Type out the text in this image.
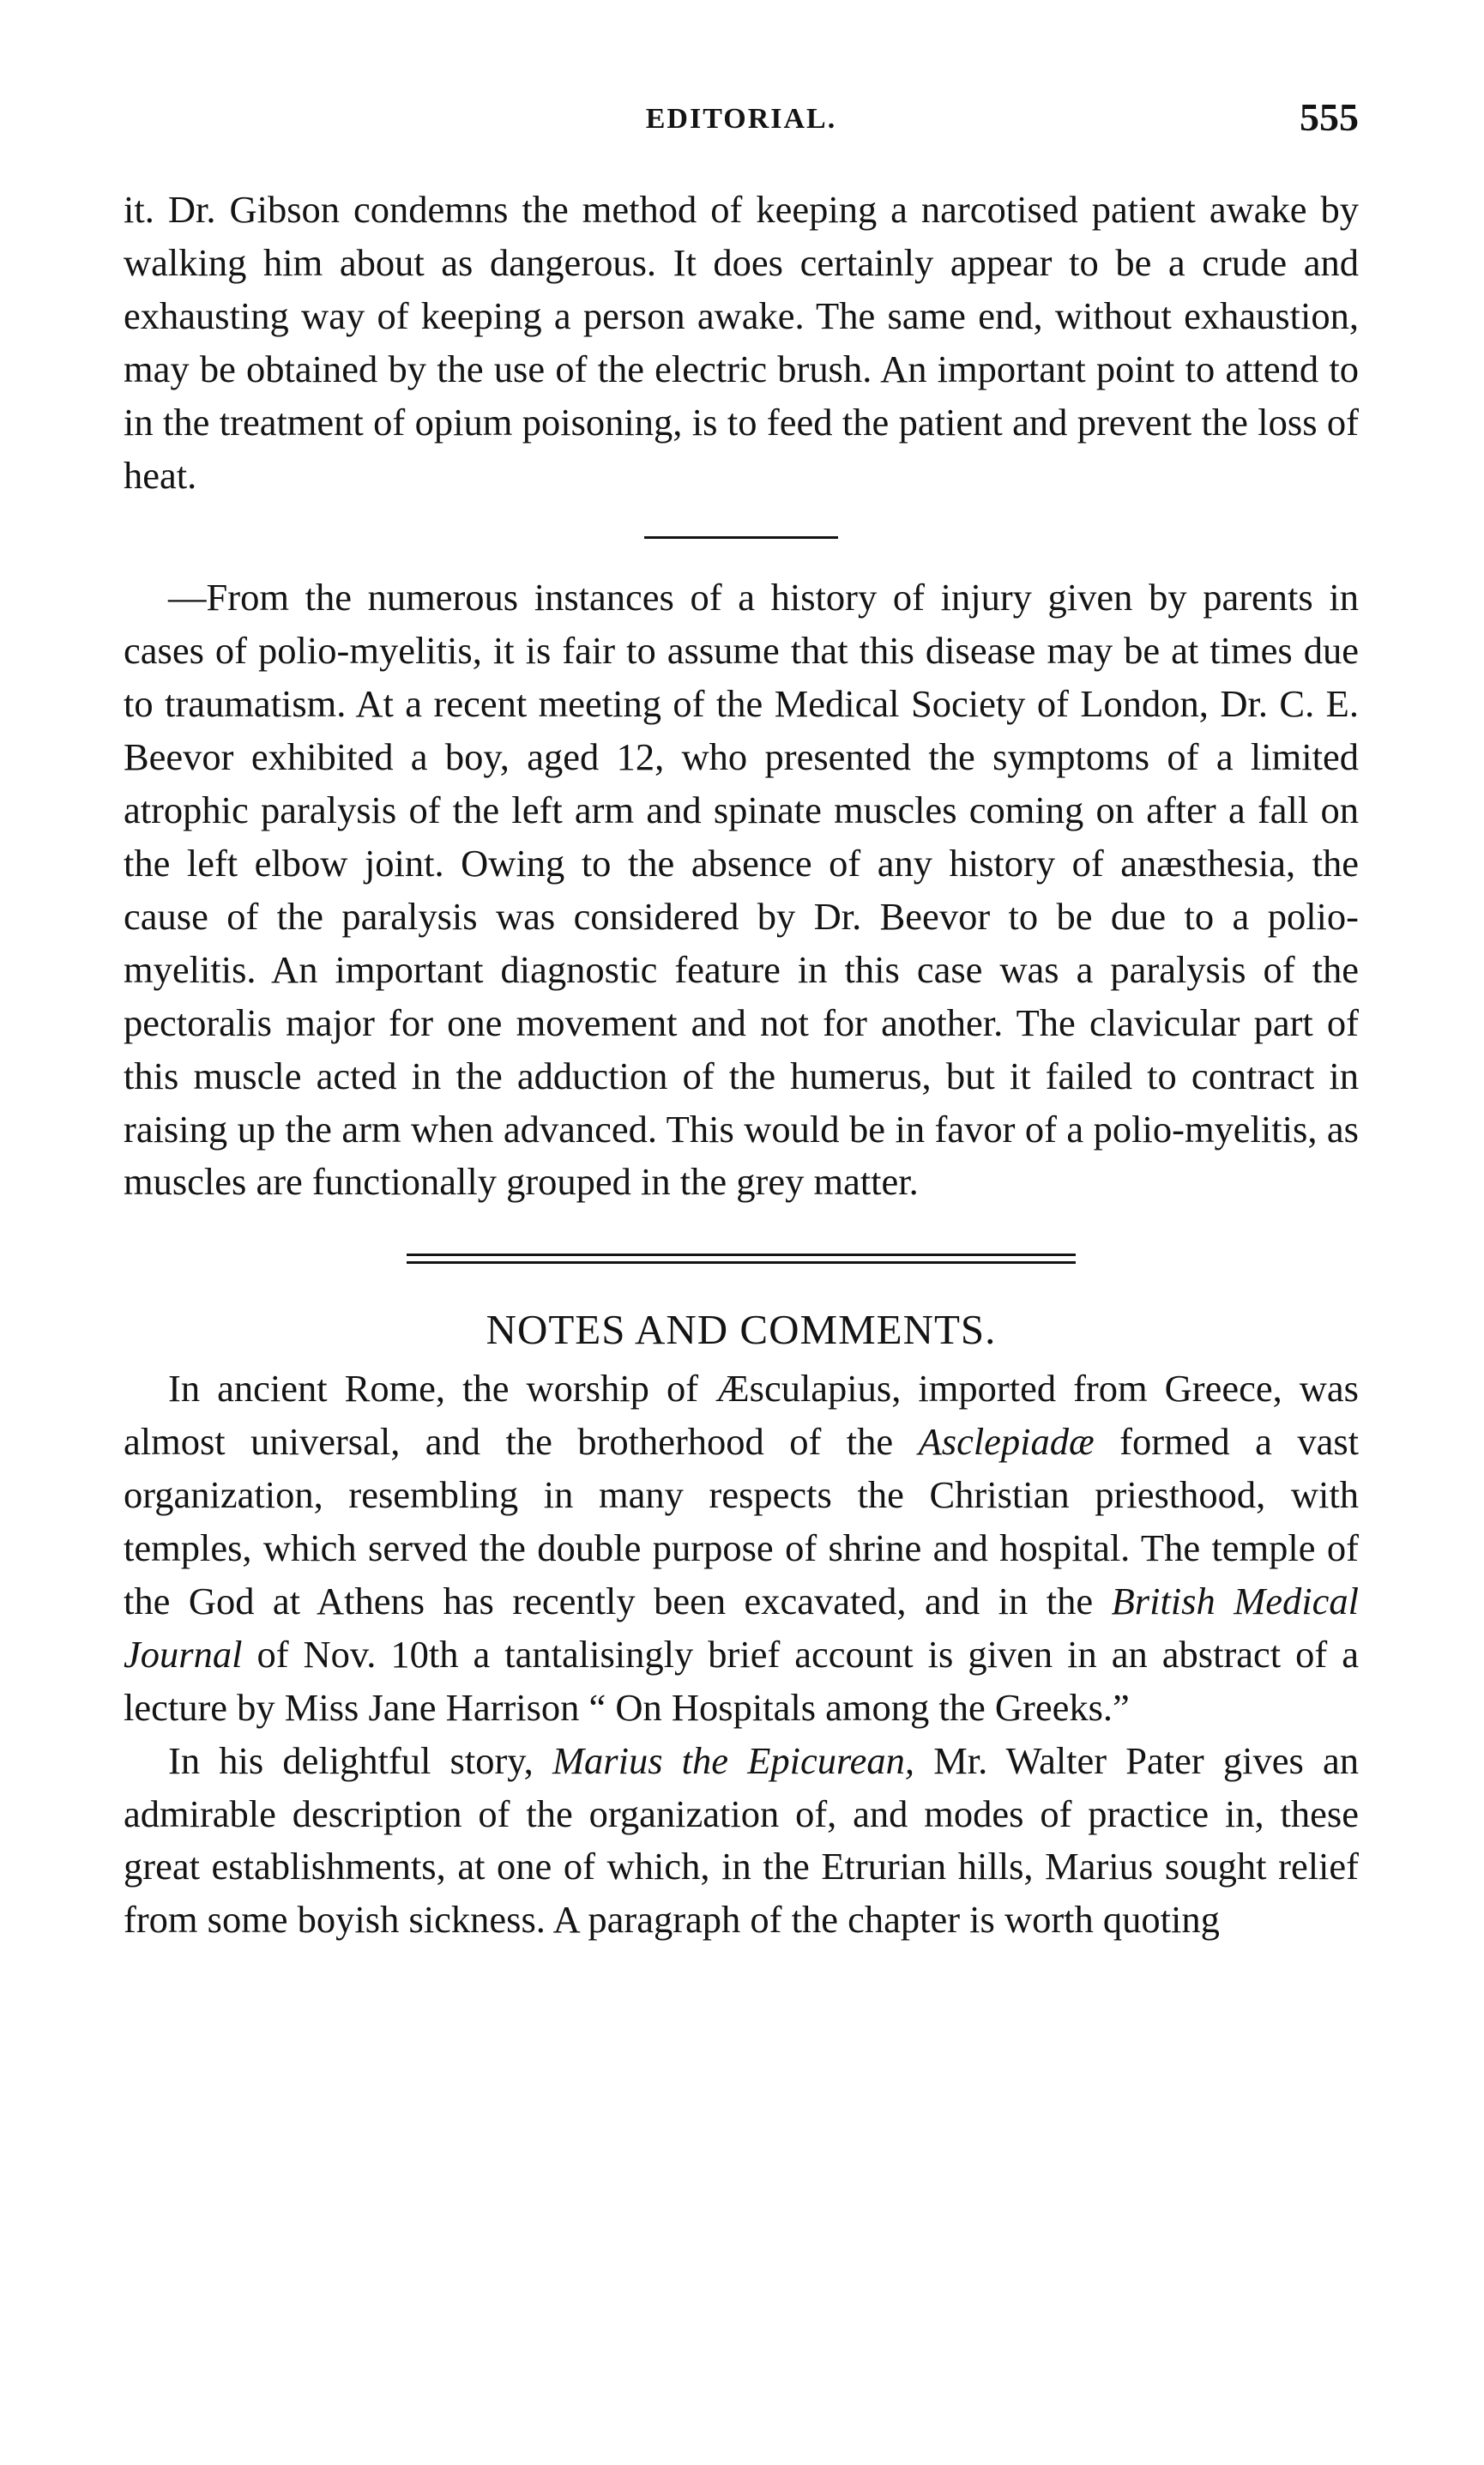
EDITORIAL.	555

it. Dr. Gibson condemns the method of keeping a narcotised patient awake by walking him about as dangerous. It does certainly appear to be a crude and exhausting way of keeping a person awake. The same end, without exhaustion, may be obtained by the use of the electric brush. An important point to attend to in the treatment of opium poisoning, is to feed the patient and prevent the loss of heat.

—From the numerous instances of a history of injury given by parents in cases of polio-myelitis, it is fair to assume that this disease may be at times due to traumatism. At a recent meeting of the Medical Society of London, Dr. C. E. Beevor exhibited a boy, aged 12, who presented the symptoms of a limited atrophic paralysis of the left arm and spinate muscles coming on after a fall on the left elbow joint. Owing to the absence of any history of anæsthesia, the cause of the paralysis was considered by Dr. Beevor to be due to a polio-myelitis. An important diagnostic feature in this case was a paralysis of the pectoralis major for one movement and not for another. The clavicular part of this muscle acted in the adduction of the humerus, but it failed to contract in raising up the arm when advanced. This would be in favor of a polio-myelitis, as muscles are functionally grouped in the grey matter.

NOTES AND COMMENTS.

In ancient Rome, the worship of Æsculapius, imported from Greece, was almost universal, and the brotherhood of the Asclepiadæ formed a vast organization, resembling in many respects the Christian priesthood, with temples, which served the double purpose of shrine and hospital. The temple of the God at Athens has recently been excavated, and in the British Medical Journal of Nov. 10th a tantalisingly brief account is given in an abstract of a lecture by Miss Jane Harrison “ On Hospitals among the Greeks.”

In his delightful story, Marius the Epicurean, Mr. Walter Pater gives an admirable description of the organization of, and modes of practice in, these great establishments, at one of which, in the Etrurian hills, Marius sought relief from some boyish sickness. A paragraph of the chapter is worth quoting
